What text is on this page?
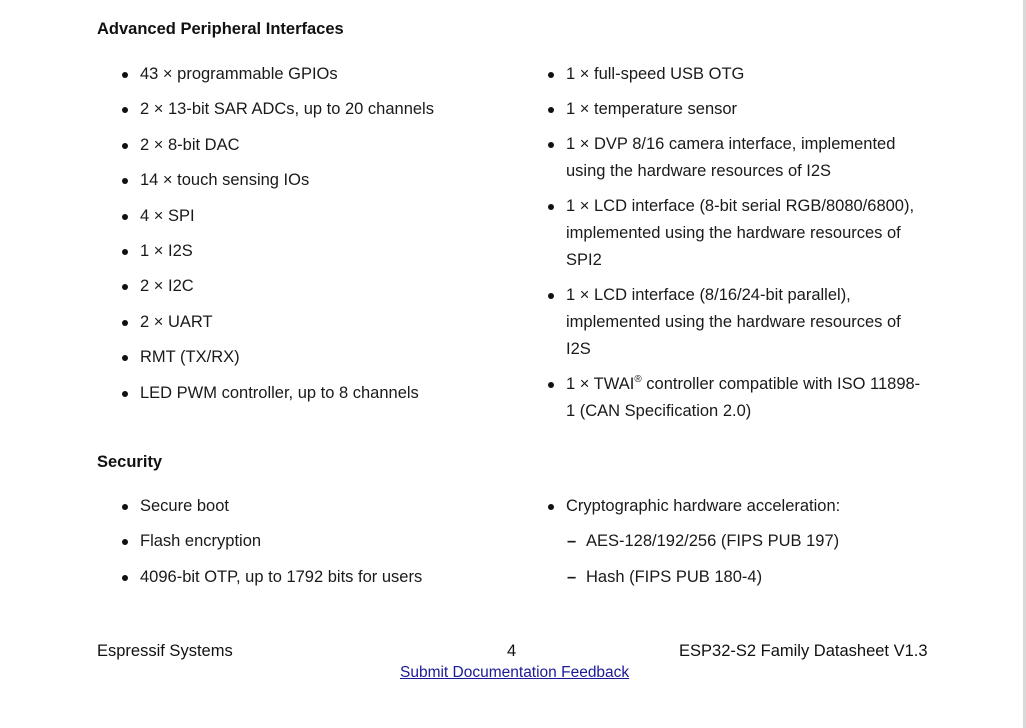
Advanced Peripheral Interfaces
43 × programmable GPIOs
2 × 13-bit SAR ADCs, up to 20 channels
2 × 8-bit DAC
14 × touch sensing IOs
4 × SPI
1 × I2S
2 × I2C
2 × UART
RMT (TX/RX)
LED PWM controller, up to 8 channels
1 × full-speed USB OTG
1 × temperature sensor
1 × DVP 8/16 camera interface, implemented using the hardware resources of I2S
1 × LCD interface (8-bit serial RGB/8080/6800), implemented using the hardware resources of SPI2
1 × LCD interface (8/16/24-bit parallel), implemented using the hardware resources of I2S
1 × TWAI® controller compatible with ISO 11898-1 (CAN Specification 2.0)
Security
Secure boot
Flash encryption
4096-bit OTP, up to 1792 bits for users
Cryptographic hardware acceleration:
– AES-128/192/256 (FIPS PUB 197)
– Hash (FIPS PUB 180-4)
Espressif Systems	4	ESP32-S2 Family Datasheet V1.3
Submit Documentation Feedback
